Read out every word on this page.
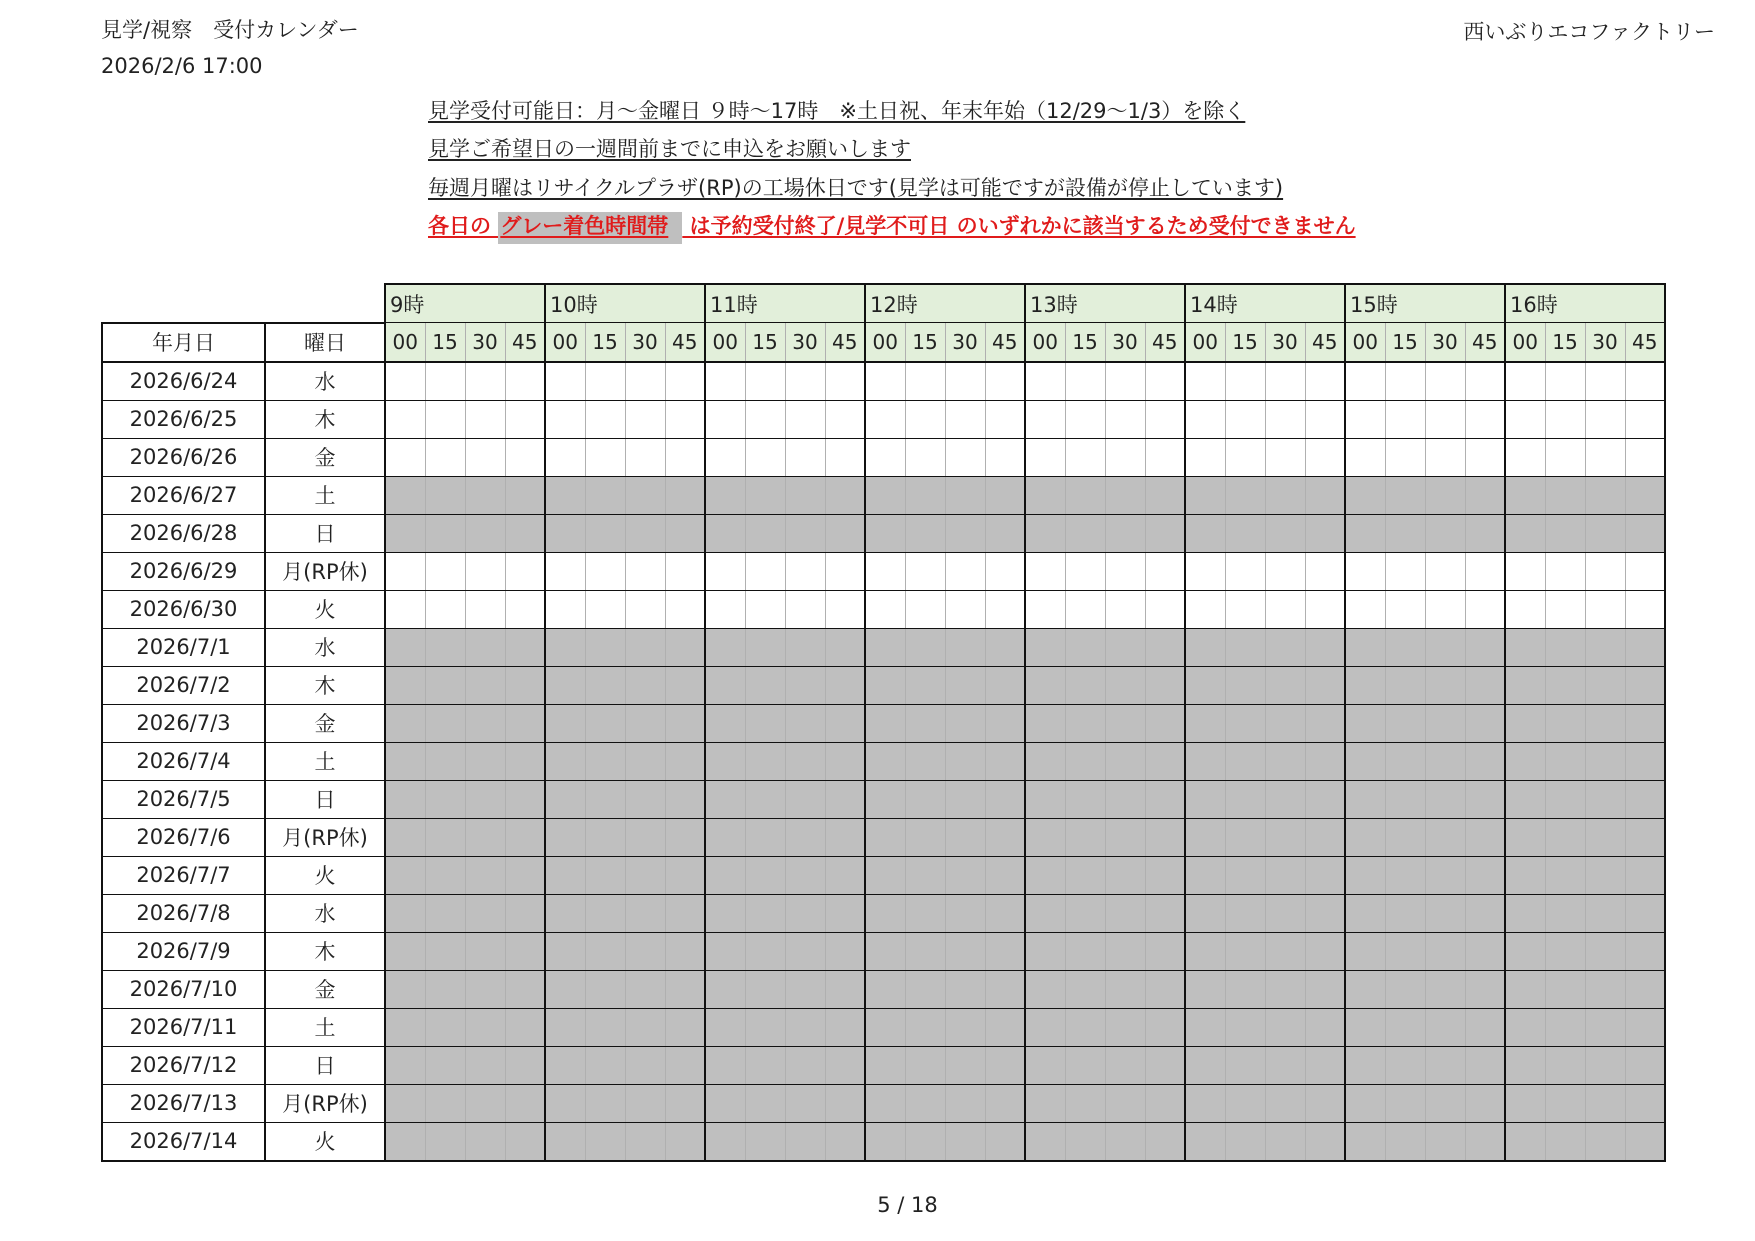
見学/視察　受付カレンダー
2026/2/6 17:00
西いぶりエコファクトリー
見学受付可能日：月～金曜日 ９時～17時　※土日祝、年末年始（12/29～1/3）を除く
見学ご希望日の一週間前までに申込をお願いします
毎週月曜はリサイクルプラザ(RP)の工場休日です(見学は可能ですが設備が停止しています)
各日の グレー着色時間帯 は予約受付終了/見学不可日 のいずれかに該当するため受付できません
		9時				10時				11時				12時				13時				14時				15時				16時			
年月日	曜日	00	15	30	45	00	15	30	45	00	15	30	45	00	15	30	45	00	15	30	45	00	15	30	45	00	15	30	45	00	15	30	45
2026/6/24	水																																
2026/6/25	木																																
2026/6/26	金																																
2026/6/27	土																																
2026/6/28	日																																
2026/6/29	月(RP休)																																
2026/6/30	火																																
2026/7/1	水																																
2026/7/2	木																																
2026/7/3	金																																
2026/7/4	土																																
2026/7/5	日																																
2026/7/6	月(RP休)																																
2026/7/7	火																																
2026/7/8	水																																
2026/7/9	木																																
2026/7/10	金																																
2026/7/11	土																																
2026/7/12	日																																
2026/7/13	月(RP休)																																
2026/7/14	火																																
5 / 18
